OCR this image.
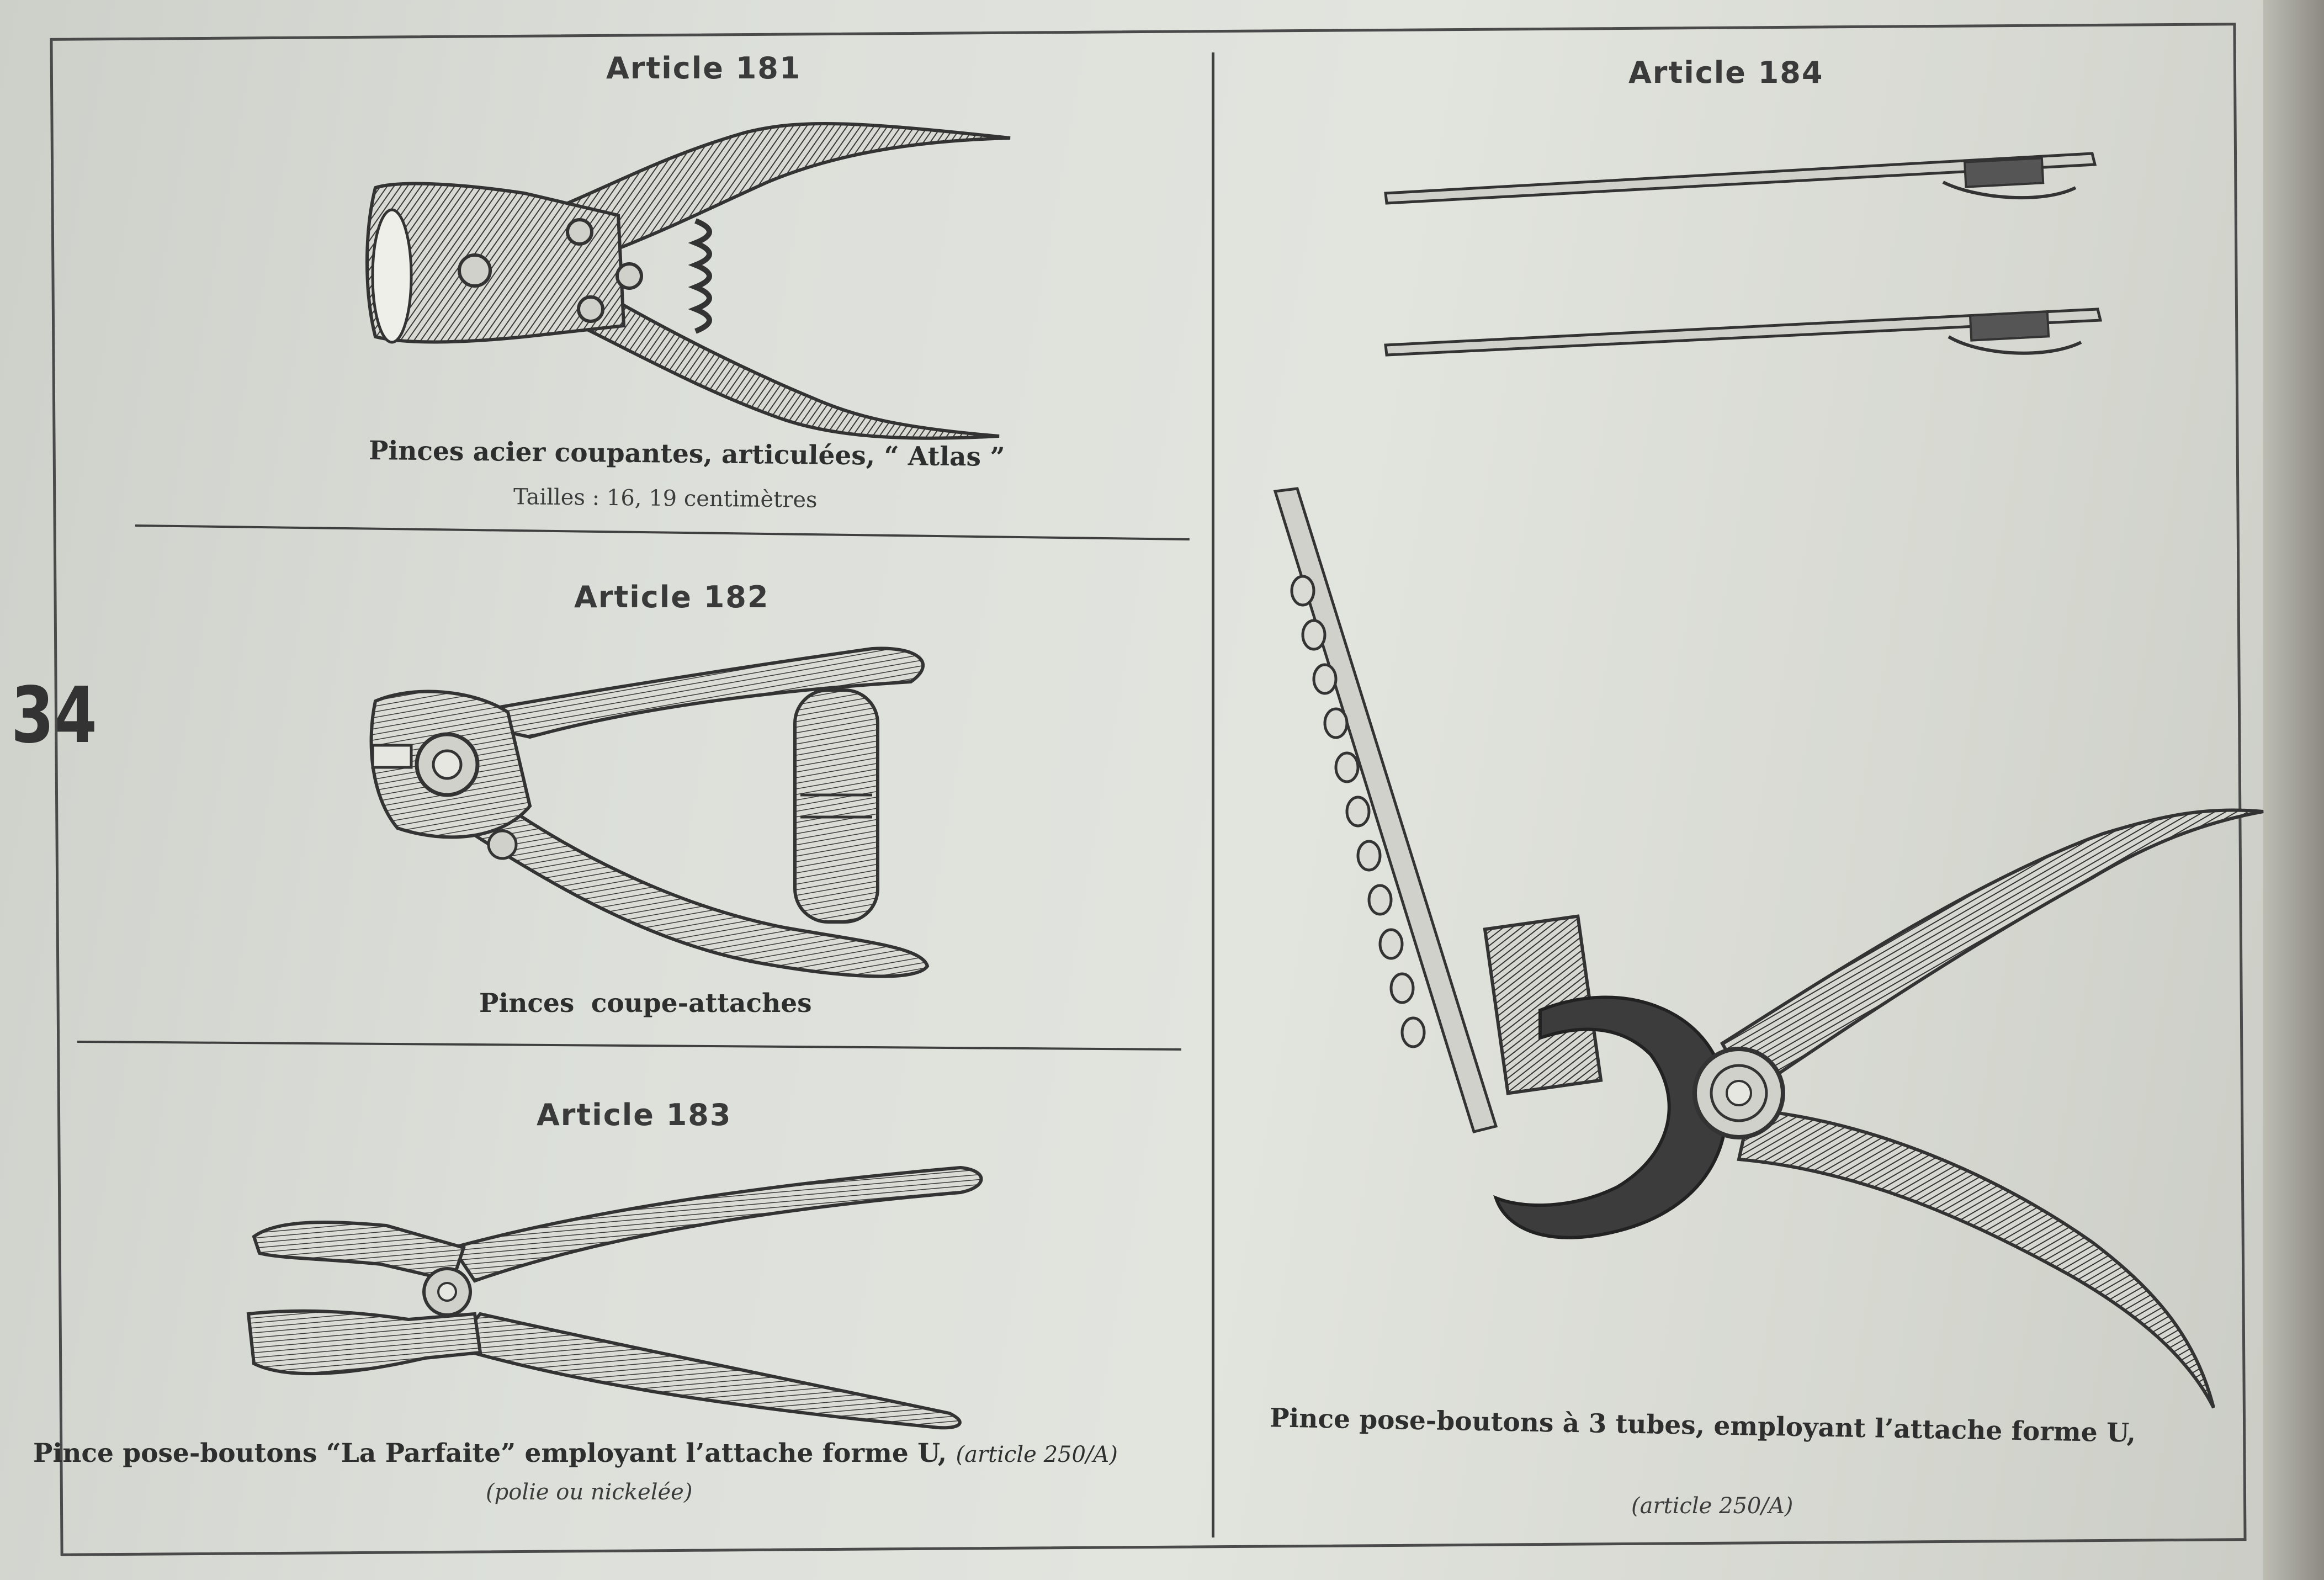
34
Article 181
Pinces acier coupantes, articulées, “ Atlas ”
Tailles : 16, 19 centimètres
Article 182
Pinces coupe-attaches
Article 183
Pince pose-boutons “La Parfaite” employant l’attache forme U, (article 250/A)
(polie ou nickelée)
Article 184
Pince pose-boutons à 3 tubes, employant l’attache forme U,
(article 250/A)
